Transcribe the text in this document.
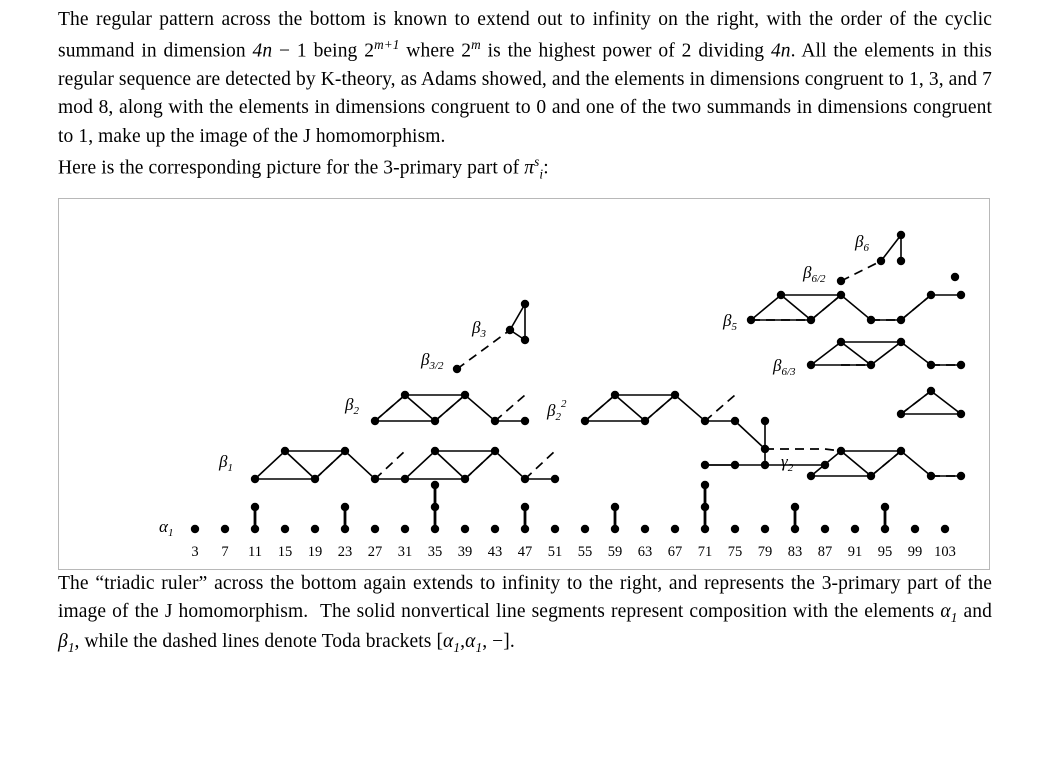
The regular pattern across the bottom is known to extend out to infinity on the right, with the order of the cyclic summand in dimension 4n − 1 being $2^{m+1}$ where 2$^m$ is the highest power of 2 dividing 4n. All the elements in this regular sequence are detected by K-theory, as Adams showed, and the elements in dimensions congruent to 1, 3, and 7 mod 8, along with the elements in dimensions congruent to 0 and one of the two summands in dimensions congruent to 1, make up the image of the J homomorphism.

Here is the corresponding picture for the 3-primary part of $\pi^s_i$:

$\alpha_1$
$\beta_1$
$\beta_2$
$\beta_{3/2}$
$\beta_3$
$\beta_2^2$
$\gamma_2$
$\beta_5$
$\beta_{6/3}$
$\beta_{6/2}$
$\beta_6$
3 7 11 15 19 23 27 31 35 39 43 47 51 55 59 63 67 71 75 79 83 87 91 95 99 103

The “triadic ruler” across the bottom again extends to infinity to the right, and represents the 3-primary part of the image of the J homomorphism.  The solid nonvertical line segments represent composition with the elements $\alpha_1$ and $\beta_1$, while the dashed lines denote Toda brackets [$\alpha_1,\alpha_1$, −].
